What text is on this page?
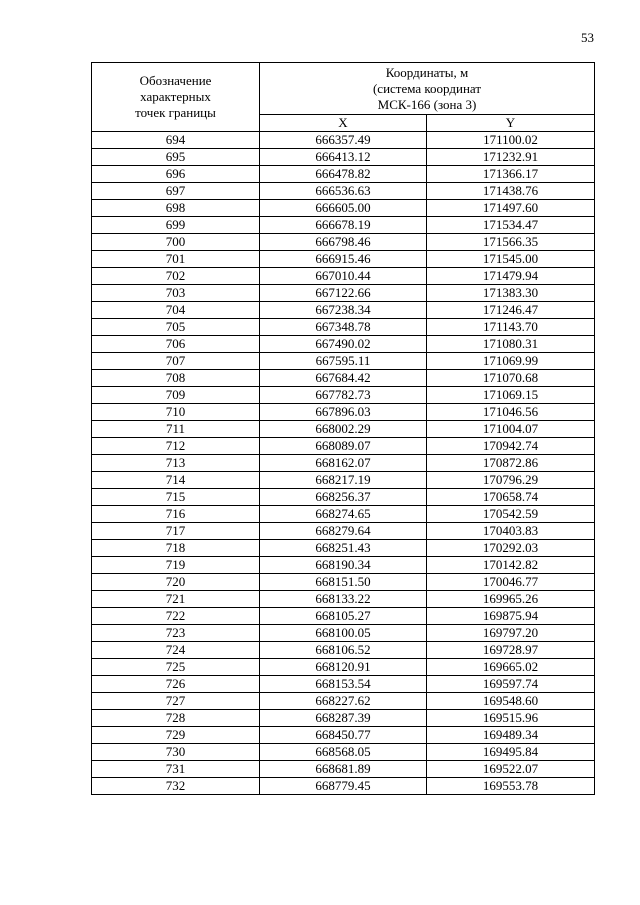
53
Обозначение
характерных
точек границы	Координаты, м
(система координат
МСК-166 (зона 3)	

	X	Y
694	666357.49	171100.02
695	666413.12	171232.91
696	666478.82	171366.17
697	666536.63	171438.76
698	666605.00	171497.60
699	666678.19	171534.47
700	666798.46	171566.35
701	666915.46	171545.00
702	667010.44	171479.94
703	667122.66	171383.30
704	667238.34	171246.47
705	667348.78	171143.70
706	667490.02	171080.31
707	667595.11	171069.99
708	667684.42	171070.68
709	667782.73	171069.15
710	667896.03	171046.56
711	668002.29	171004.07
712	668089.07	170942.74
713	668162.07	170872.86
714	668217.19	170796.29
715	668256.37	170658.74
716	668274.65	170542.59
717	668279.64	170403.83
718	668251.43	170292.03
719	668190.34	170142.82
720	668151.50	170046.77
721	668133.22	169965.26
722	668105.27	169875.94
723	668100.05	169797.20
724	668106.52	169728.97
725	668120.91	169665.02
726	668153.54	169597.74
727	668227.62	169548.60
728	668287.39	169515.96
729	668450.77	169489.34
730	668568.05	169495.84
731	668681.89	169522.07
732	668779.45	169553.78
